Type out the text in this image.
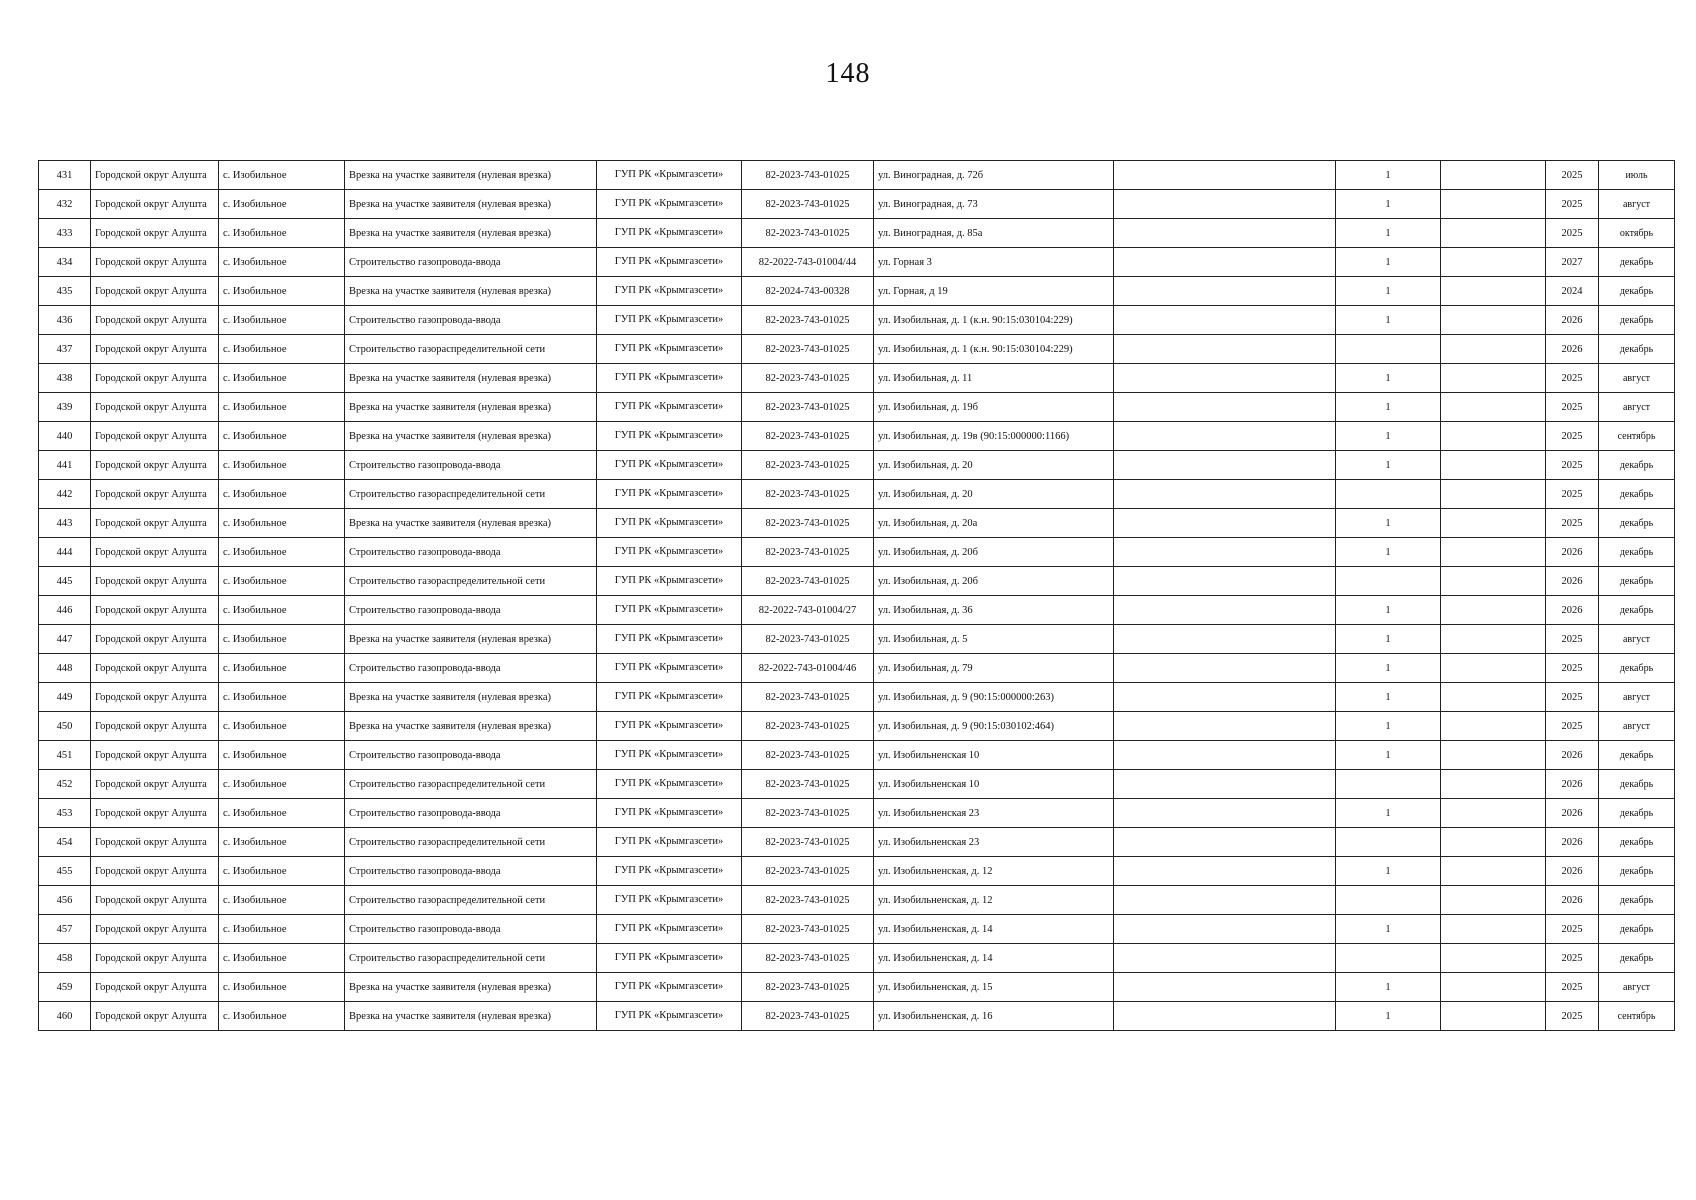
148
431	Городской округ Алушта	с. Изобильное	Врезка на участке заявителя (нулевая врезка)	ГУП РК «Крымгазсети»	82-2023-743-01025	ул. Виноградная, д. 72б		1		2025	июль
432	Городской округ Алушта	с. Изобильное	Врезка на участке заявителя (нулевая врезка)	ГУП РК «Крымгазсети»	82-2023-743-01025	ул. Виноградная, д. 73		1		2025	август
433	Городской округ Алушта	с. Изобильное	Врезка на участке заявителя (нулевая врезка)	ГУП РК «Крымгазсети»	82-2023-743-01025	ул. Виноградная, д. 85а		1		2025	октябрь
434	Городской округ Алушта	с. Изобильное	Строительство газопровода-ввода	ГУП РК «Крымгазсети»	82-2022-743-01004/44	ул. Горная 3		1		2027	декабрь
435	Городской округ Алушта	с. Изобильное	Врезка на участке заявителя (нулевая врезка)	ГУП РК «Крымгазсети»	82-2024-743-00328	ул. Горная, д 19		1		2024	декабрь
436	Городской округ Алушта	с. Изобильное	Строительство газопровода-ввода	ГУП РК «Крымгазсети»	82-2023-743-01025	ул. Изобильная, д. 1 (к.н. 90:15:030104:229)		1		2026	декабрь
437	Городской округ Алушта	с. Изобильное	Строительство газораспределительной сети	ГУП РК «Крымгазсети»	82-2023-743-01025	ул. Изобильная, д. 1 (к.н. 90:15:030104:229)				2026	декабрь
438	Городской округ Алушта	с. Изобильное	Врезка на участке заявителя (нулевая врезка)	ГУП РК «Крымгазсети»	82-2023-743-01025	ул. Изобильная, д. 11		1		2025	август
439	Городской округ Алушта	с. Изобильное	Врезка на участке заявителя (нулевая врезка)	ГУП РК «Крымгазсети»	82-2023-743-01025	ул. Изобильная, д. 19б		1		2025	август
440	Городской округ Алушта	с. Изобильное	Врезка на участке заявителя (нулевая врезка)	ГУП РК «Крымгазсети»	82-2023-743-01025	ул. Изобильная, д. 19в (90:15:000000:1166)		1		2025	сентябрь
441	Городской округ Алушта	с. Изобильное	Строительство газопровода-ввода	ГУП РК «Крымгазсети»	82-2023-743-01025	ул. Изобильная, д. 20		1		2025	декабрь
442	Городской округ Алушта	с. Изобильное	Строительство газораспределительной сети	ГУП РК «Крымгазсети»	82-2023-743-01025	ул. Изобильная, д. 20				2025	декабрь
443	Городской округ Алушта	с. Изобильное	Врезка на участке заявителя (нулевая врезка)	ГУП РК «Крымгазсети»	82-2023-743-01025	ул. Изобильная, д. 20а		1		2025	декабрь
444	Городской округ Алушта	с. Изобильное	Строительство газопровода-ввода	ГУП РК «Крымгазсети»	82-2023-743-01025	ул. Изобильная, д. 20б		1		2026	декабрь
445	Городской округ Алушта	с. Изобильное	Строительство газораспределительной сети	ГУП РК «Крымгазсети»	82-2023-743-01025	ул. Изобильная, д. 20б				2026	декабрь
446	Городской округ Алушта	с. Изобильное	Строительство газопровода-ввода	ГУП РК «Крымгазсети»	82-2022-743-01004/27	ул. Изобильная, д. 36		1		2026	декабрь
447	Городской округ Алушта	с. Изобильное	Врезка на участке заявителя (нулевая врезка)	ГУП РК «Крымгазсети»	82-2023-743-01025	ул. Изобильная, д. 5		1		2025	август
448	Городской округ Алушта	с. Изобильное	Строительство газопровода-ввода	ГУП РК «Крымгазсети»	82-2022-743-01004/46	ул. Изобильная, д. 79		1		2025	декабрь
449	Городской округ Алушта	с. Изобильное	Врезка на участке заявителя (нулевая врезка)	ГУП РК «Крымгазсети»	82-2023-743-01025	ул. Изобильная, д. 9 (90:15:000000:263)		1		2025	август
450	Городской округ Алушта	с. Изобильное	Врезка на участке заявителя (нулевая врезка)	ГУП РК «Крымгазсети»	82-2023-743-01025	ул. Изобильная, д. 9 (90:15:030102:464)		1		2025	август
451	Городской округ Алушта	с. Изобильное	Строительство газопровода-ввода	ГУП РК «Крымгазсети»	82-2023-743-01025	ул. Изобильненская 10		1		2026	декабрь
452	Городской округ Алушта	с. Изобильное	Строительство газораспределительной сети	ГУП РК «Крымгазсети»	82-2023-743-01025	ул. Изобильненская 10				2026	декабрь
453	Городской округ Алушта	с. Изобильное	Строительство газопровода-ввода	ГУП РК «Крымгазсети»	82-2023-743-01025	ул. Изобильненская 23		1		2026	декабрь
454	Городской округ Алушта	с. Изобильное	Строительство газораспределительной сети	ГУП РК «Крымгазсети»	82-2023-743-01025	ул. Изобильненская 23				2026	декабрь
455	Городской округ Алушта	с. Изобильное	Строительство газопровода-ввода	ГУП РК «Крымгазсети»	82-2023-743-01025	ул. Изобильненская, д. 12		1		2026	декабрь
456	Городской округ Алушта	с. Изобильное	Строительство газораспределительной сети	ГУП РК «Крымгазсети»	82-2023-743-01025	ул. Изобильненская, д. 12				2026	декабрь
457	Городской округ Алушта	с. Изобильное	Строительство газопровода-ввода	ГУП РК «Крымгазсети»	82-2023-743-01025	ул. Изобильненская, д. 14		1		2025	декабрь
458	Городской округ Алушта	с. Изобильное	Строительство газораспределительной сети	ГУП РК «Крымгазсети»	82-2023-743-01025	ул. Изобильненская, д. 14				2025	декабрь
459	Городской округ Алушта	с. Изобильное	Врезка на участке заявителя (нулевая врезка)	ГУП РК «Крымгазсети»	82-2023-743-01025	ул. Изобильненская, д. 15		1		2025	август
460	Городской округ Алушта	с. Изобильное	Врезка на участке заявителя (нулевая врезка)	ГУП РК «Крымгазсети»	82-2023-743-01025	ул. Изобильненская, д. 16		1		2025	сентябрь
